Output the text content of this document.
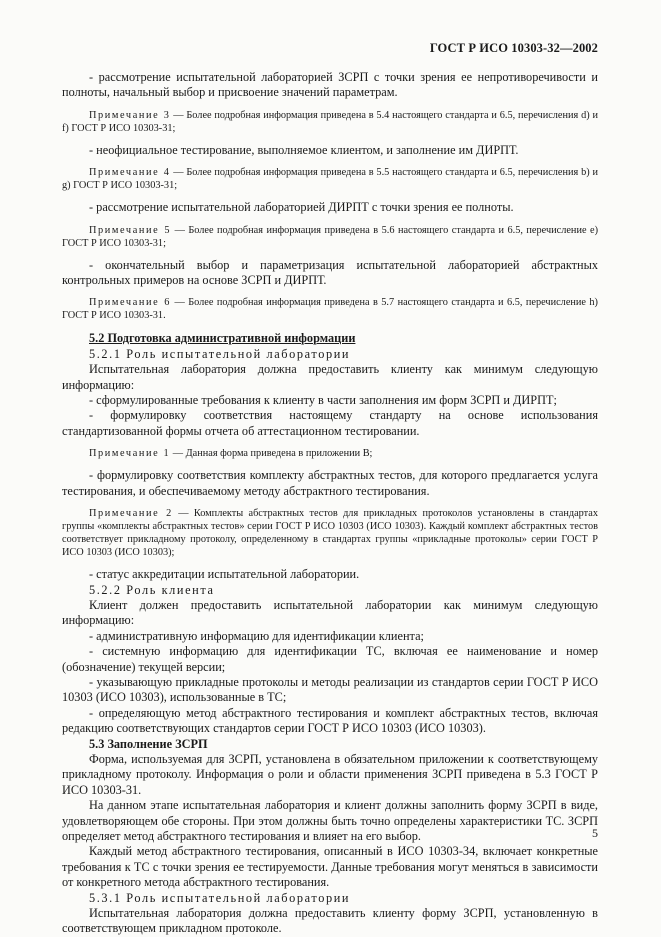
ГОСТ Р ИСО 10303-32—2002

- рассмотрение испытательной лабораторией ЗСРП с точки зрения ее непротиворечивости и полноты, начальный выбор и присвоение значений параметрам.

Примечание 3 — Более подробная информация приведена в 5.4 настоящего стандарта и 6.5, перечисления d) и f) ГОСТ Р ИСО 10303-31;

- неофициальное тестирование, выполняемое клиентом, и заполнение им ДИРПТ.

Примечание 4 — Более подробная информация приведена в 5.5 настоящего стандарта и 6.5, перечисления b) и g) ГОСТ Р ИСО 10303-31;

- рассмотрение испытательной лабораторией ДИРПТ с точки зрения ее полноты.

Примечание 5 — Более подробная информация приведена в 5.6 настоящего стандарта и 6.5, перечисление е) ГОСТ Р ИСО 10303-31;

- окончательный выбор и параметризация испытательной лабораторией абстрактных контрольных примеров на основе ЗСРП и ДИРПТ.

Примечание 6 — Более подробная информация приведена в 5.7 настоящего стандарта и 6.5, перечисление h) ГОСТ Р ИСО 10303-31.

5.2 Подготовка административной информации

5.2.1 Роль испытательной лаборатории

Испытательная лаборатория должна предоставить клиенту как минимум следующую информацию:

- сформулированные требования к клиенту в части заполнения им форм ЗСРП и ДИРПТ;

- формулировку соответствия настоящему стандарту на основе использования стандартизованной формы отчета об аттестационном тестировании.

Примечание 1 — Данная форма приведена в приложении В;

- формулировку соответствия комплекту абстрактных тестов, для которого предлагается услуга тестирования, и обеспечиваемому методу абстрактного тестирования.

Примечание 2 — Комплекты абстрактных тестов для прикладных протоколов установлены в стандартах группы «комплекты абстрактных тестов» серии ГОСТ Р ИСО 10303 (ИСО 10303). Каждый комплект абстрактных тестов соответствует прикладному протоколу, определенному в стандартах группы «прикладные протоколы» серии ГОСТ Р ИСО 10303 (ИСО 10303);

- статус аккредитации испытательной лаборатории.

5.2.2 Роль клиента

Клиент должен предоставить испытательной лаборатории как минимум следующую информацию:

- административную информацию для идентификации клиента;

- системную информацию для идентификации ТС, включая ее наименование и номер (обозначение) текущей версии;

- указывающую прикладные протоколы и методы реализации из стандартов серии ГОСТ Р ИСО 10303 (ИСО 10303), использованные в ТС;

- определяющую метод абстрактного тестирования и комплект абстрактных тестов, включая редакцию соответствующих стандартов серии ГОСТ Р ИСО 10303 (ИСО 10303).

5.3 Заполнение ЗСРП

Форма, используемая для ЗСРП, установлена в обязательном приложении к соответствующему прикладному протоколу. Информация о роли и области применения ЗСРП приведена в 5.3 ГОСТ Р ИСО 10303-31.

На данном этапе испытательная лаборатория и клиент должны заполнить форму ЗСРП в виде, удовлетворяющем обе стороны. При этом должны быть точно определены характеристики ТС. ЗСРП определяет метод абстрактного тестирования и влияет на его выбор.

Каждый метод абстрактного тестирования, описанный в ИСО 10303-34, включает конкретные требования к ТС с точки зрения ее тестируемости. Данные требования могут меняться в зависимости от конкретного метода абстрактного тестирования.

5.3.1 Роль испытательной лаборатории

Испытательная лаборатория должна предоставить клиенту форму ЗСРП, установленную в соответствующем прикладном протоколе.

5
